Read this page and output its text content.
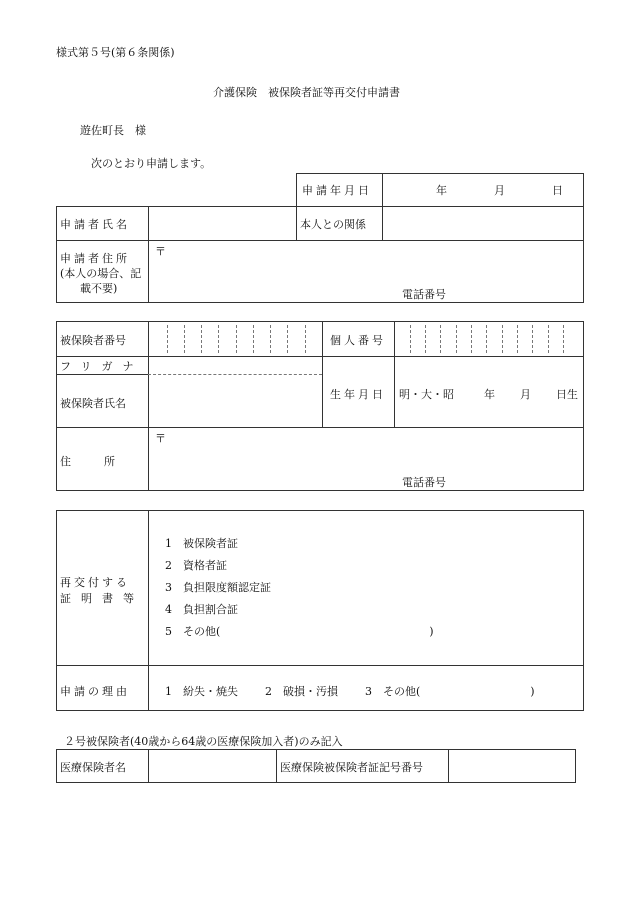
様式第５号(第６条関係)
介護保険　被保険者証等再交付申請書
遊佐町長　様
次のとおり申請します。
申請年月日	年	月	日
申請者氏名	本人との関係
申請者住所
(本人の場合、記
載不要)
〒
電話番号
被保険者番号	個人番号
フリガナ
被保険者氏名
生年月日 明・大・昭	年 月 日生
住　　　所
〒
電話番号
再交付する
証明書等
1　 被保険者証
2　 資格者証
3　 負担限度額認定証
4　 負担割合証
5　 その他(　　　　　　　　　　　　　　　　　　　)
申請の理由	1　 紛失・焼失 2　 破損・汚損 3　 その他(　　　　　　　　　　)
２号被保険者(40歳から64歳の医療保険加入者)のみ記入
医療保険者名	医療保険被保険者証記号番号
